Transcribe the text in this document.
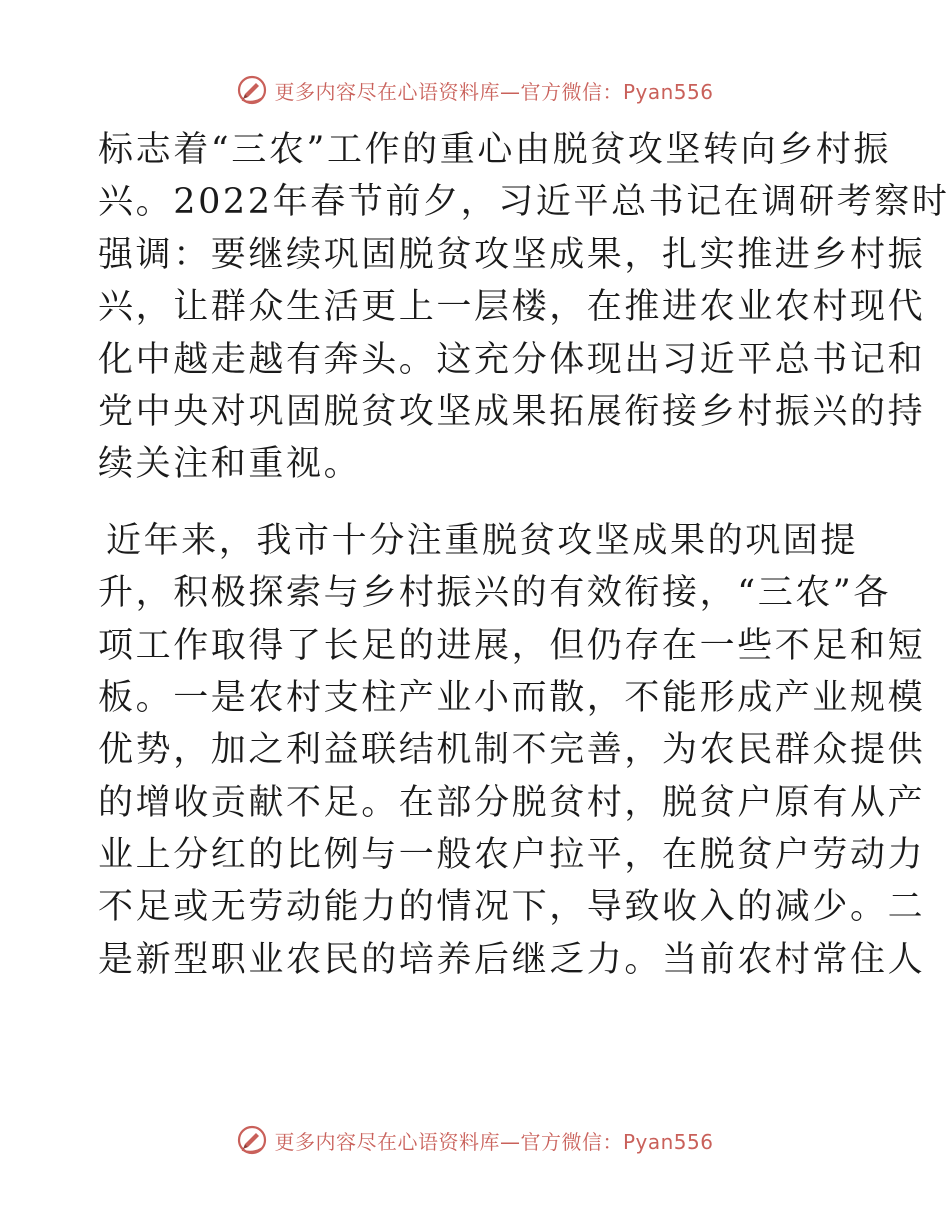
更多内容尽在心语资料库—官方微信：Pyan556
标志着“三农”工作的重心由脱贫攻坚转向乡村振
兴。2022年春节前夕，习近平总书记在调研考察时
强调：要继续巩固脱贫攻坚成果，扎实推进乡村振
兴，让群众生活更上一层楼，在推进农业农村现代
化中越走越有奔头。这充分体现出习近平总书记和
党中央对巩固脱贫攻坚成果拓展衔接乡村振兴的持
续关注和重视。
近年来，我市十分注重脱贫攻坚成果的巩固提
升，积极探索与乡村振兴的有效衔接，“三农”各
项工作取得了长足的进展，但仍存在一些不足和短
板。一是农村支柱产业小而散，不能形成产业规模
优势，加之利益联结机制不完善，为农民群众提供
的增收贡献不足。在部分脱贫村，脱贫户原有从产
业上分红的比例与一般农户拉平，在脱贫户劳动力
不足或无劳动能力的情况下，导致收入的减少。二
是新型职业农民的培养后继乏力。当前农村常住人
更多内容尽在心语资料库—官方微信：Pyan556
